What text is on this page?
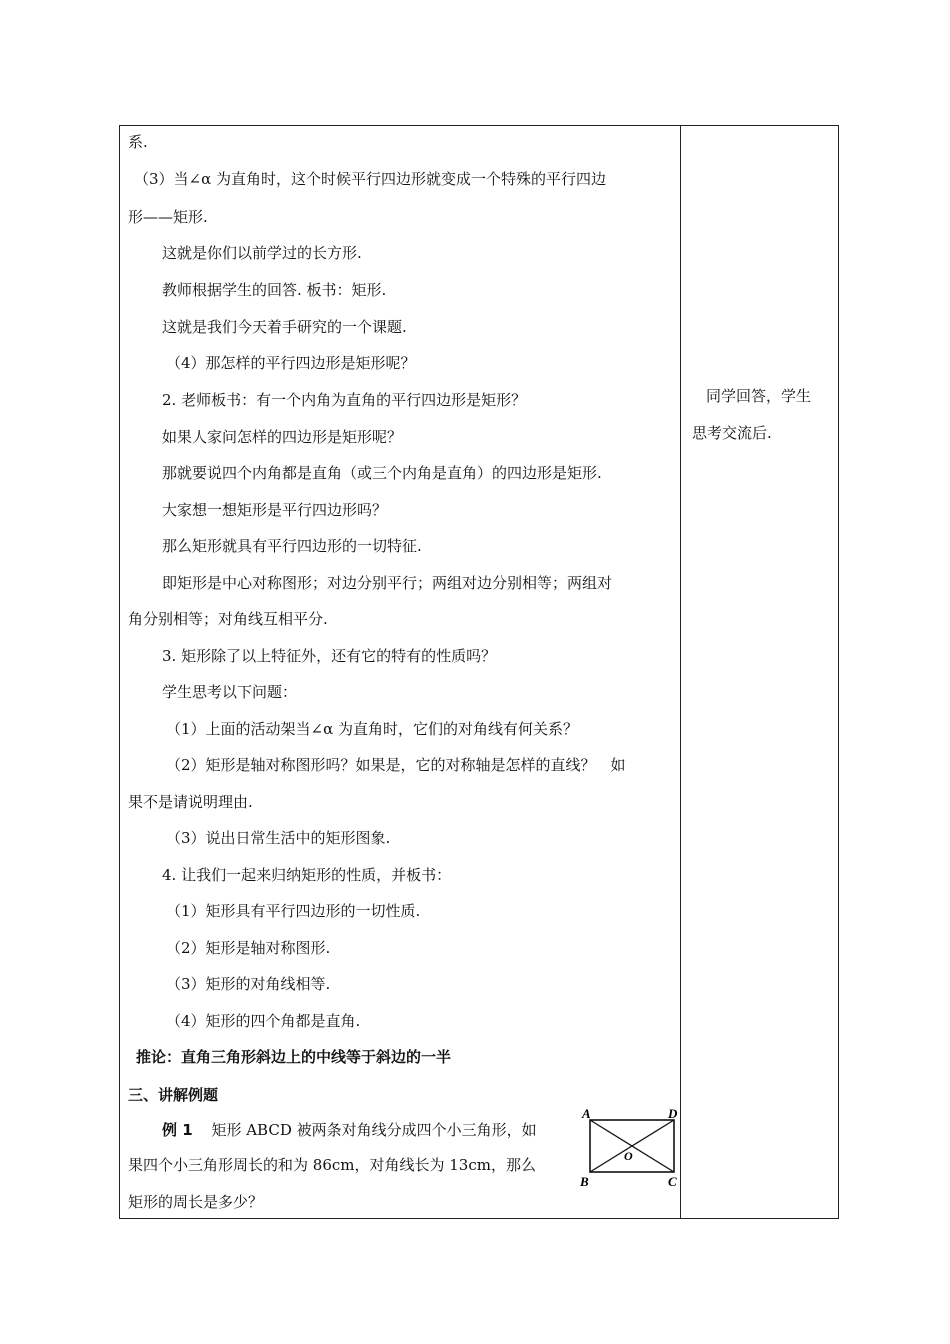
系.
（3）当∠α 为直角时，这个时候平行四边形就变成一个特殊的平行四边
形——矩形.
这就是你们以前学过的长方形.
教师根据学生的回答. 板书：矩形.
这就是我们今天着手研究的一个课题.
（4）那怎样的平行四边形是矩形呢？
2. 老师板书：有一个内角为直角的平行四边形是矩形？
如果人家问怎样的四边形是矩形呢？
那就要说四个内角都是直角（或三个内角是直角）的四边形是矩形.
大家想一想矩形是平行四边形吗？
那么矩形就具有平行四边形的一切特征.
即矩形是中心对称图形；对边分别平行；两组对边分别相等；两组对
角分别相等；对角线互相平分.
3. 矩形除了以上特征外，还有它的特有的性质吗？
学生思考以下问题：
（1）上面的活动架当∠α 为直角时，它们的对角线有何关系？
（2）矩形是轴对称图形吗？如果是，它的对称轴是怎样的直线？　如
果不是请说明理由.
（3）说出日常生活中的矩形图象.
4. 让我们一起来归纳矩形的性质，并板书：
（1）矩形具有平行四边形的一切性质.
（2）矩形是轴对称图形.
（3）矩形的对角线相等.
（4）矩形的四个角都是直角.
推论：直角三角形斜边上的中线等于斜边的一半
三、讲解例题
例 1 矩形 ABCD 被两条对角线分成四个小三角形，如
果四个小三角形周长的和为 86cm，对角线长为 13cm，那么
矩形的周长是多少？
A	D
B	C
O
同学回答，学生
思考交流后.
